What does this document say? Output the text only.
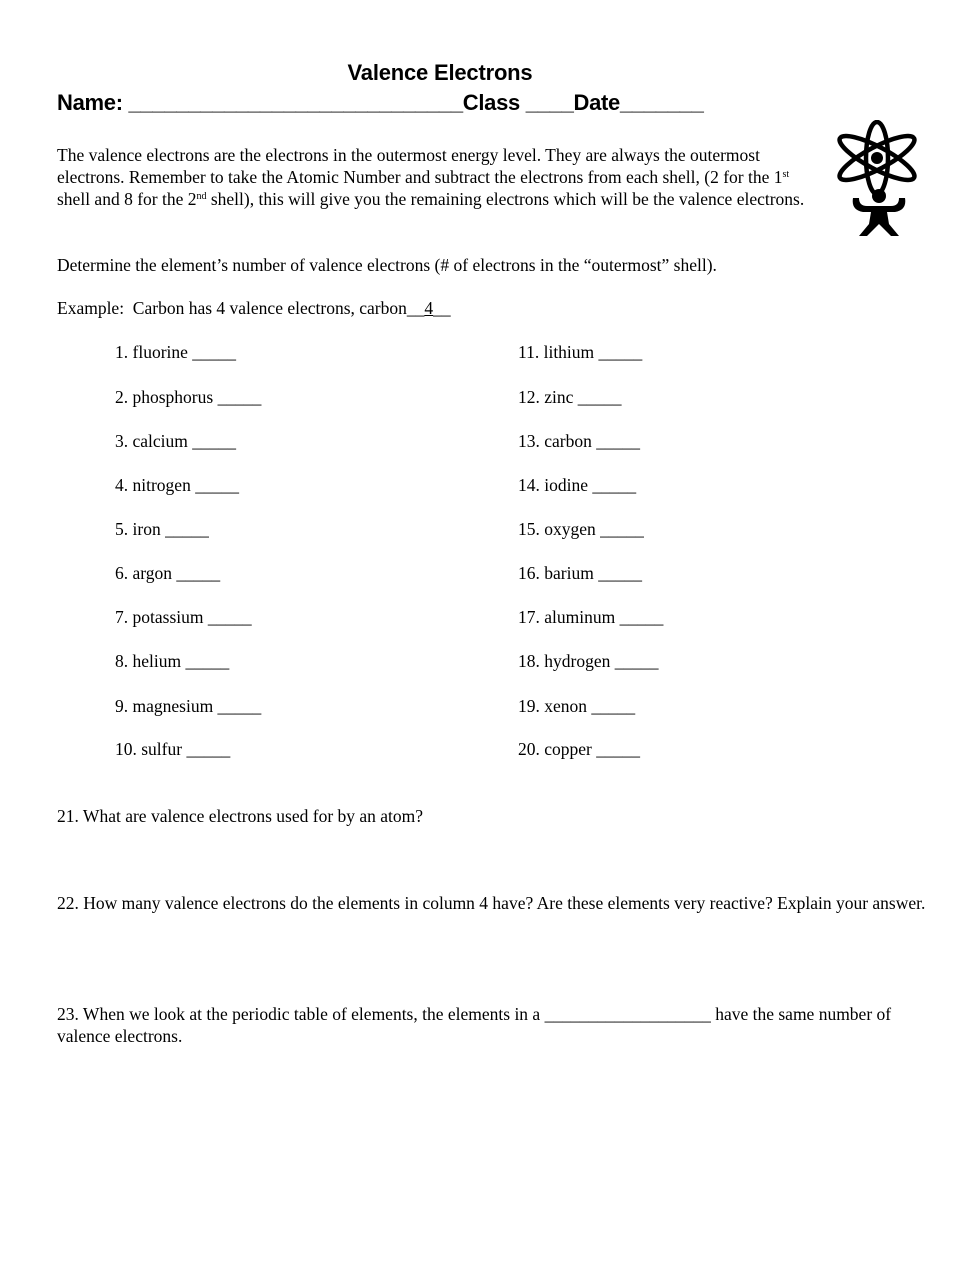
Valence Electrons
Name: ____________________________Class ____Date_______
The valence electrons are the electrons in the outermost energy level. They are always the outermost electrons. Remember to take the Atomic Number and subtract the electrons from each shell, (2 for the 1st shell and 8 for the 2nd shell), this will give you the remaining electrons which will be the valence electrons.
Determine the element’s number of valence electrons (# of electrons in the “outermost” shell).
Example:  Carbon has 4 valence electrons, carbon__4__
1. fluorine _____
2. phosphorus _____
3. calcium _____
4. nitrogen _____
5. iron _____
6. argon _____
7. potassium _____
8. helium _____
9. magnesium _____
10. sulfur _____
11. lithium _____
12. zinc _____
13. carbon _____
14. iodine _____
15. oxygen _____
16. barium _____
17. aluminum _____
18. hydrogen _____
19. xenon _____
20. copper _____
21. What are valence electrons used for by an atom?
22. How many valence electrons do the elements in column 4 have? Are these elements very reactive? Explain your answer.
23. When we look at the periodic table of elements, the elements in a ___________________ have the same number of valence electrons.
